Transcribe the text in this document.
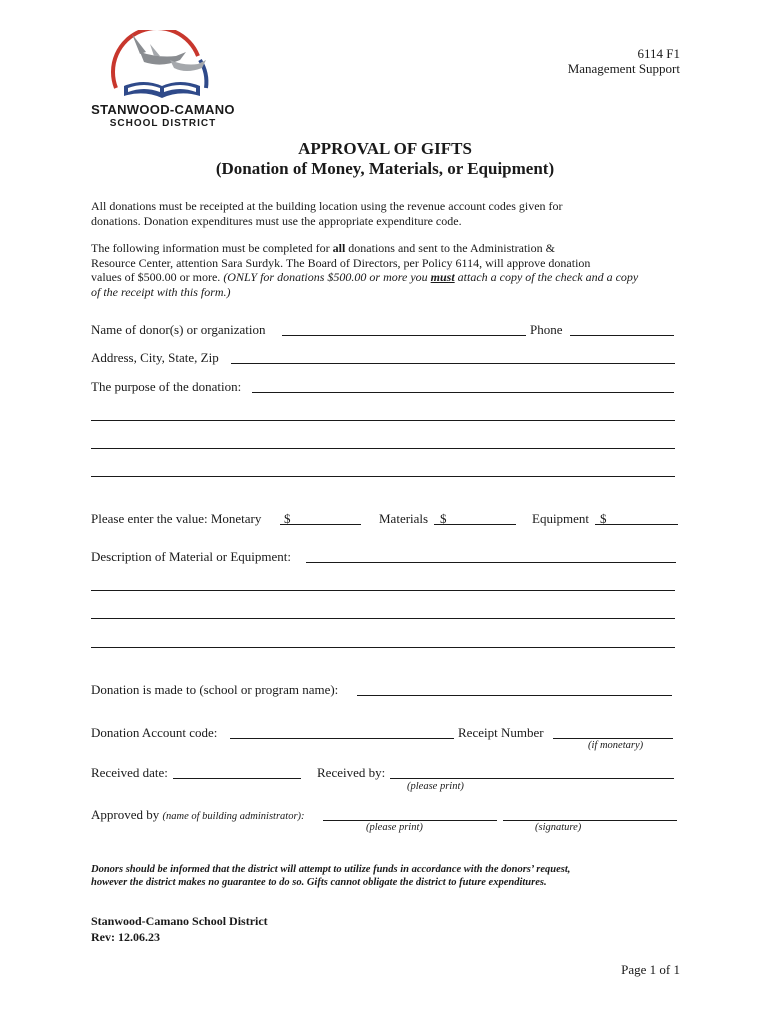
STANWOOD-CAMANO
SCHOOL DISTRICT
6114 F1
Management Support
APPROVAL OF GIFTS
(Donation of Money, Materials, or Equipment)
All donations must be receipted at the building location using the revenue account codes given for
donations. Donation expenditures must use the appropriate expenditure code.
The following information must be completed for all donations and sent to the Administration &
Resource Center, attention Sara Surdyk. The Board of Directors, per Policy 6114, will approve donation
values of $500.00 or more. (ONLY for donations $500.00 or more you must attach a copy of the check and a copy
of the receipt with this form.)
Name of donor(s) or organization	Phone
Address, City, State, Zip
The purpose of the donation:
Please enter the value: Monetary $	Materials $	Equipment $
Description of Material or Equipment:
Donation is made to (school or program name):
Donation Account code:	Receipt Number
(if monetary)
Received date:	Received by:
(please print)
Approved by (name of building administrator):
(please print)	(signature)
Donors should be informed that the district will attempt to utilize funds in accordance with the donors’ request,
however the district makes no guarantee to do so. Gifts cannot obligate the district to future expenditures.
Stanwood-Camano School District
Rev: 12.06.23
Page 1 of 1
